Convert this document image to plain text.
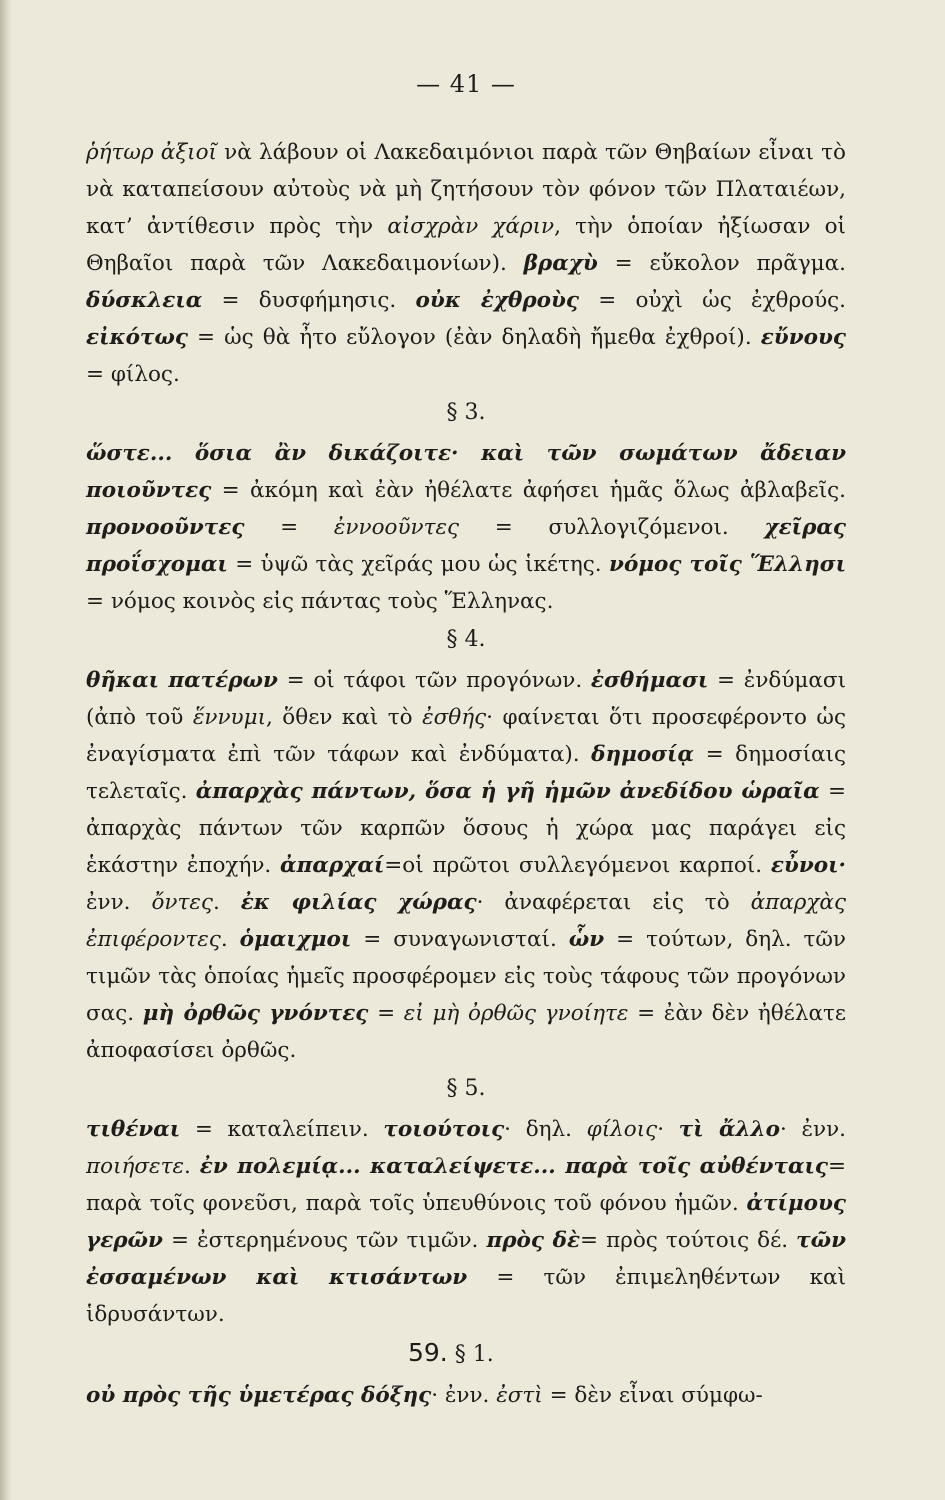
— 41 —

ῥήτωρ ἀξιοῖ νὰ λάβουν οἱ Λακεδαιμόνιοι παρὰ τῶν Θηβαίων εἶναι τὸ νὰ καταπείσουν αὐτοὺς νὰ μὴ ζητήσουν τὸν φόνον τῶν Πλαταιέων, κατ’ ἀντίθεσιν πρὸς τὴν αἰσχρὰν χάριν, τὴν ὁποίαν ἠξίωσαν οἱ Θηβαῖοι παρὰ τῶν Λακεδαιμονίων). βραχὺ = εὔκολον πρᾶγμα. δύσκλεια = δυσφήμησις. οὐκ ἐχθροὺς = οὐχὶ ὡς ἐχθρούς. εἰκότως = ὡς θὰ ἦτο εὔλογον (ἐὰν δηλαδὴ ἤμεθα ἐχθροί). εὔνους = φίλος.

§ 3.

ὥστε... ὅσια ἂν δικάζοιτε· καὶ τῶν σωμάτων ἄδειαν ποιοῦντες = ἀκόμη καὶ ἐὰν ἠθέλατε ἀφήσει ἡμᾶς ὅλως ἀβλαβεῖς. προνοοῦντες = ἐννοοῦντες = συλλογιζόμενοι. χεῖρας προΐσχομαι = ὑψῶ τὰς χεῖράς μου ὡς ἱκέτης. νόμος τοῖς Ἕλλησι = νόμος κοινὸς εἰς πάντας τοὺς Ἕλληνας.

§ 4.

θῆκαι πατέρων = οἱ τάφοι τῶν προγόνων. ἐσθήμασι = ἐνδύμασι (ἀπὸ τοῦ ἕννυμι, ὅθεν καὶ τὸ ἐσθής· φαίνεται ὅτι προσεφέροντο ὡς ἐναγίσματα ἐπὶ τῶν τάφων καὶ ἐνδύματα). δημοσίᾳ = δημοσίαις τελεταῖς. ἀπαρχὰς πάντων, ὅσα ἡ γῆ ἡμῶν ἀνεδίδου ὡραῖα = ἀπαρχὰς πάντων τῶν καρπῶν ὅσους ἡ χώρα μας παράγει εἰς ἑκάστην ἐποχήν. ἀπαρχαί=οἱ πρῶτοι συλλεγόμενοι καρποί. εὖνοι· ἐνν. ὄντες. ἐκ φιλίας χώρας· ἀναφέρεται εἰς τὸ ἀπαρχὰς ἐπιφέροντες. ὁμαιχμοι = συναγωνισταί. ὧν = τούτων, δηλ. τῶν τιμῶν τὰς ὁποίας ἡμεῖς προσφέρομεν εἰς τοὺς τάφους τῶν προγόνων σας. μὴ ὀρθῶς γνόντες = εἰ μὴ ὀρθῶς γνοίητε = ἐὰν δὲν ἠθέλατε ἀποφασίσει ὀρθῶς.

§ 5.

τιθέναι = καταλείπειν. τοιούτοις· δηλ. φίλοις· τὶ ἄλλο· ἐνν. ποιήσετε. ἐν πολεμίᾳ... καταλείψετε... παρὰ τοῖς αὐθένταις= παρὰ τοῖς φονεῦσι, παρὰ τοῖς ὑπευθύνοις τοῦ φόνου ἡμῶν. ἀτίμους γερῶν = ἐστερημένους τῶν τιμῶν. πρὸς δὲ= πρὸς τούτοις δέ. τῶν ἐσσαμένων καὶ κτισάντων = τῶν ἐπιμεληθέντων καὶ ἱδρυσάντων.

59. § 1.

οὐ πρὸς τῆς ὑμετέρας δόξης· ἐνν. ἐστὶ = δὲν εἶναι σύμφω-
